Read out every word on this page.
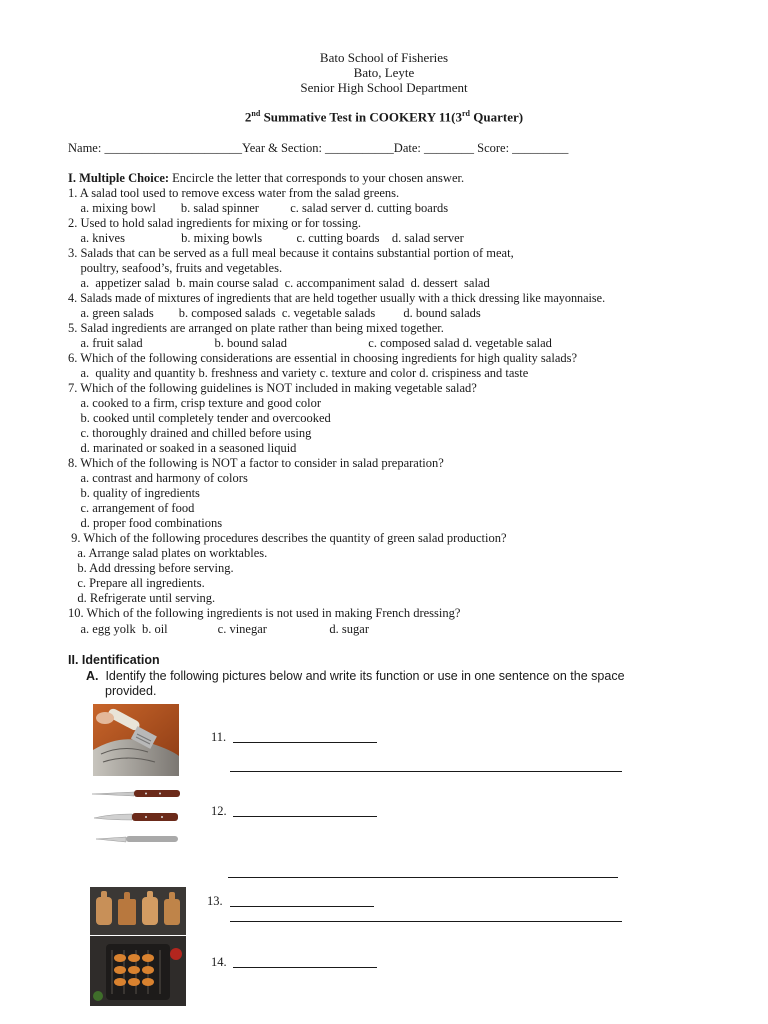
Bato School of Fisheries
Bato, Leyte
Senior High School Department
2nd Summative Test in COOKERY 11(3rd Quarter)
Name: ______________________Year & Section: ___________Date: ________ Score: _________
I. Multiple Choice: Encircle the letter that corresponds to your chosen answer.
1. A salad tool used to remove excess water from the salad greens.
a. mixing bowl        b. salad spinner          c. salad server d. cutting boards
2. Used to hold salad ingredients for mixing or for tossing.
a. knives                  b. mixing bowls           c. cutting boards    d. salad server
3. Salads that can be served as a full meal because it contains substantial portion of meat,
poultry, seafood’s, fruits and vegetables.
a.  appetizer salad  b. main course salad  c. accompaniment salad  d. dessert  salad
4. Salads made of mixtures of ingredients that are held together usually with a thick dressing like mayonnaise.
a. green salads        b. composed salads  c. vegetable salads         d. bound salads
5. Salad ingredients are arranged on plate rather than being mixed together.
a. fruit salad                       b. bound salad                          c. composed salad d. vegetable salad
6. Which of the following considerations are essential in choosing ingredients for high quality salads?
a.  quality and quantity b. freshness and variety c. texture and color d. crispiness and taste
7. Which of the following guidelines is NOT included in making vegetable salad?
a. cooked to a firm, crisp texture and good color
b. cooked until completely tender and overcooked
c. thoroughly drained and chilled before using
d. marinated or soaked in a seasoned liquid
8. Which of the following is NOT a factor to consider in salad preparation?
a. contrast and harmony of colors
b. quality of ingredients
c. arrangement of food
d. proper food combinations
9. Which of the following procedures describes the quantity of green salad production?
a. Arrange salad plates on worktables.
b. Add dressing before serving.
c. Prepare all ingredients.
d. Refrigerate until serving.
10. Which of the following ingredients is not used in making French dressing?
a. egg yolk  b. oil                c. vinegar                    d. sugar
II. Identification
A. Identify the following pictures below and write its function or use in one sentence on the space
provided.
11.
12.
13.
14.
